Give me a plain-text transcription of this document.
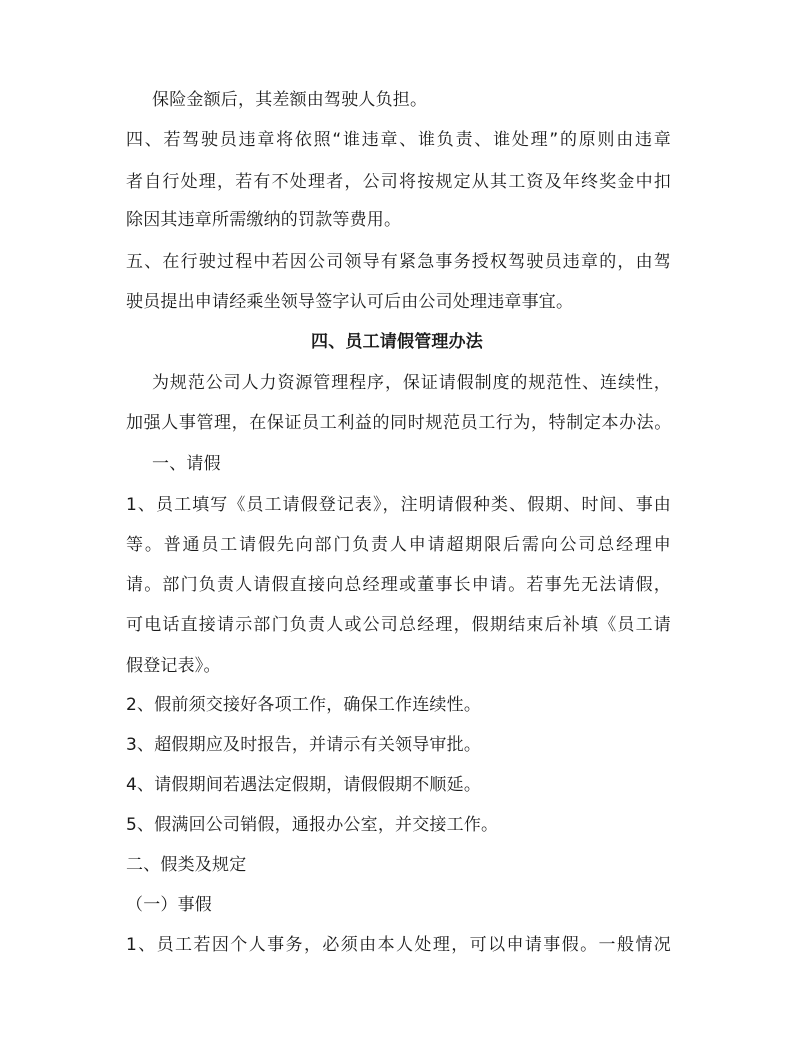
保险金额后，其差额由驾驶人负担。
四、若驾驶员违章将依照“谁违章、谁负责、谁处理”的原则由违章
者自行处理，若有不处理者，公司将按规定从其工资及年终奖金中扣
除因其违章所需缴纳的罚款等费用。
五、在行驶过程中若因公司领导有紧急事务授权驾驶员违章的，由驾
驶员提出申请经乘坐领导签字认可后由公司处理违章事宜。
四、员工请假管理办法
为规范公司人力资源管理程序，保证请假制度的规范性、连续性，
加强人事管理，在保证员工利益的同时规范员工行为，特制定本办法。
一、请假
1、员工填写《员工请假登记表》，注明请假种类、假期、时间、事由
等。普通员工请假先向部门负责人申请超期限后需向公司总经理申
请。部门负责人请假直接向总经理或董事长申请。若事先无法请假，
可电话直接请示部门负责人或公司总经理，假期结束后补填《员工请
假登记表》。
2、假前须交接好各项工作，确保工作连续性。
3、超假期应及时报告，并请示有关领导审批。
4、请假期间若遇法定假期，请假假期不顺延。
5、假满回公司销假，通报办公室，并交接工作。
二、假类及规定
（一）事假
1、员工若因个人事务，必须由本人处理，可以申请事假。一般情况
